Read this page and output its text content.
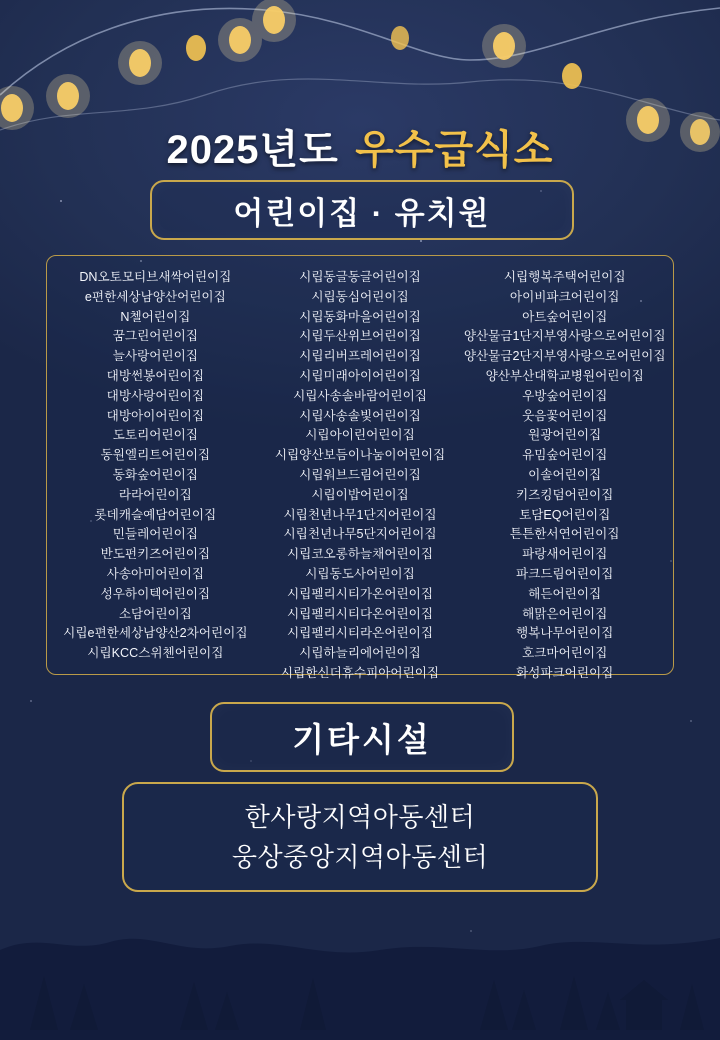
2025년도 우수급식소
어린이집 · 유치원
DN오토모티브새싹어린이집
e편한세상남양산어린이집
N첼어린이집
꿈그린어린이집
늘사랑어린이집
대방썬봉어린이집
대방사랑어린이집
대방아이어린이집
도토리어린이집
동원엘리트어린이집
동화숲어린이집
라라어린이집
롯데캐슬예담어린이집
민들레어린이집
반도펀키즈어린이집
사송아미어린이집
성우하이텍어린이집
소담어린이집
시립e편한세상남양산2차어린이집
시립KCC스위첸어린이집
시립동글동글어린이집
시립동심어린이집
시립동화마을어린이집
시립두산위브어린이집
시립리버프레어린이집
시립미래아이어린이집
시립사송솔바람어린이집
시립사송솔빛어린이집
시립아이린어린이집
시립양산보듬이나눔이어린이집
시립워브드림어린이집
시립이밥어린이집
시립천년나무1단지어린이집
시립천년나무5단지어린이집
시립코오롱하늘채어린이집
시립동도사어린이집
시립펠리시티가온어린이집
시립펠리시티다온어린이집
시립펠리시티라온어린이집
시립하늘리에어린이집
시립한신더휴수피아어린이집
시립행복주택어린이집
아이비파크어린이집
아트숲어린이집
양산물금1단지부영사랑으로어린이집
양산물금2단지부영사랑으로어린이집
양산부산대학교병원어린이집
우방숲어린이집
웃음꽃어린이집
원광어린이집
유밈숲어린이집
이솔어린이집
키즈킹덤어린이집
토담EQ어린이집
튼튼한서연어린이집
파랑새어린이집
파크드림어린이집
해든어린이집
해맑은어린이집
행복나무어린이집
호크마어린이집
화성파크어린이집
기타시설
한사랑지역아동센터
웅상중앙지역아동센터
